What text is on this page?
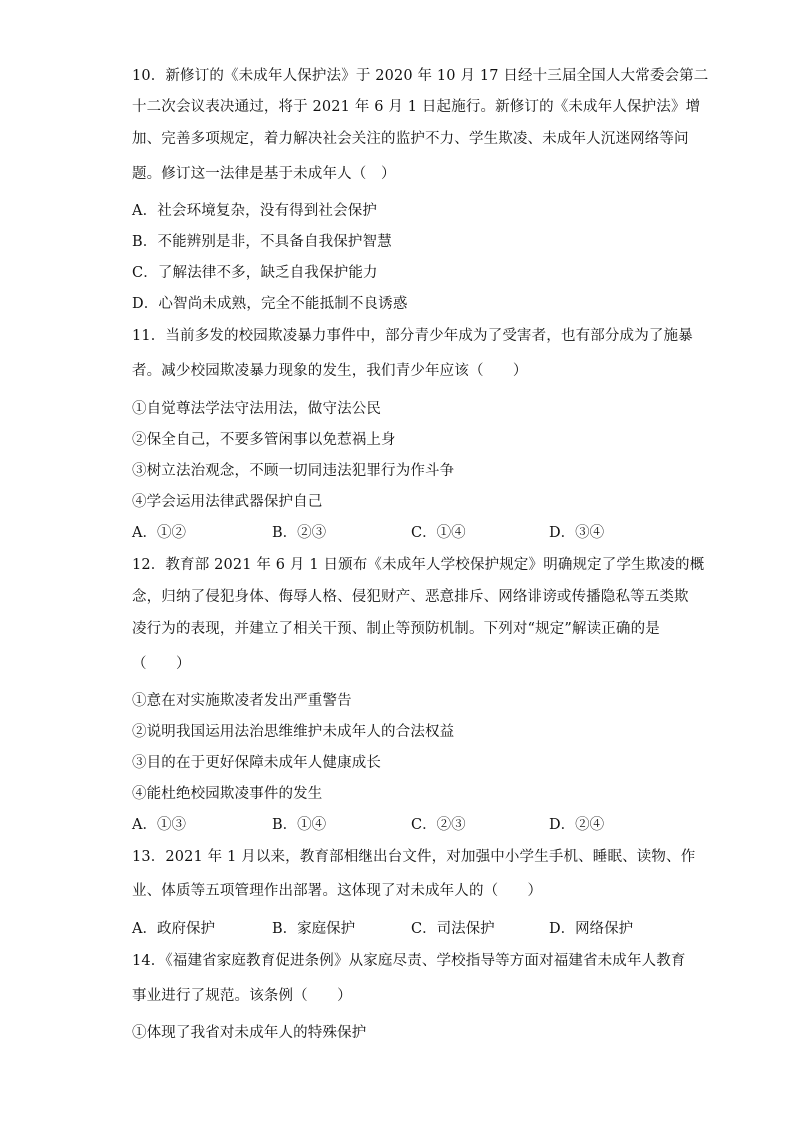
10．新修订的《未成年人保护法》于 2020 年 10 月 17 日经十三届全国人大常委会第二
十二次会议表决通过，将于 2021 年 6 月 1 日起施行。新修订的《未成年人保护法》增
加、完善多项规定，着力解决社会关注的监护不力、学生欺凌、未成年人沉迷网络等问
题。修订这一法律是基于未成年人（　）
A．社会环境复杂，没有得到社会保护
B．不能辨别是非，不具备自我保护智慧
C．了解法律不多，缺乏自我保护能力
D．心智尚未成熟，完全不能抵制不良诱惑
11．当前多发的校园欺凌暴力事件中，部分青少年成为了受害者，也有部分成为了施暴
者。减少校园欺凌暴力现象的发生，我们青少年应该（　　）
①自觉尊法学法守法用法，做守法公民
②保全自己，不要多管闲事以免惹祸上身
③树立法治观念，不顾一切同违法犯罪行为作斗争
④学会运用法律武器保护自己
A．①②	B．②③	C．①④	D．③④
12．教育部 2021 年 6 月 1 日颁布《未成年人学校保护规定》明确规定了学生欺凌的概
念，归纳了侵犯身体、侮辱人格、侵犯财产、恶意排斥、网络诽谤或传播隐私等五类欺
凌行为的表现，并建立了相关干预、制止等预防机制。下列对“规定”解读正确的是
（　　）
①意在对实施欺凌者发出严重警告
②说明我国运用法治思维维护未成年人的合法权益
③目的在于更好保障未成年人健康成长
④能杜绝校园欺凌事件的发生
A．①③	B．①④	C．②③	D．②④
13．2021 年 1 月以来，教育部相继出台文件，对加强中小学生手机、睡眠、读物、作
业、体质等五项管理作出部署。这体现了对未成年人的（　　）
A．政府保护	B．家庭保护	C．司法保护	D．网络保护
14．《福建省家庭教育促进条例》从家庭尽责、学校指导等方面对福建省未成年人教育
事业进行了规范。该条例（　　）
①体现了我省对未成年人的特殊保护
